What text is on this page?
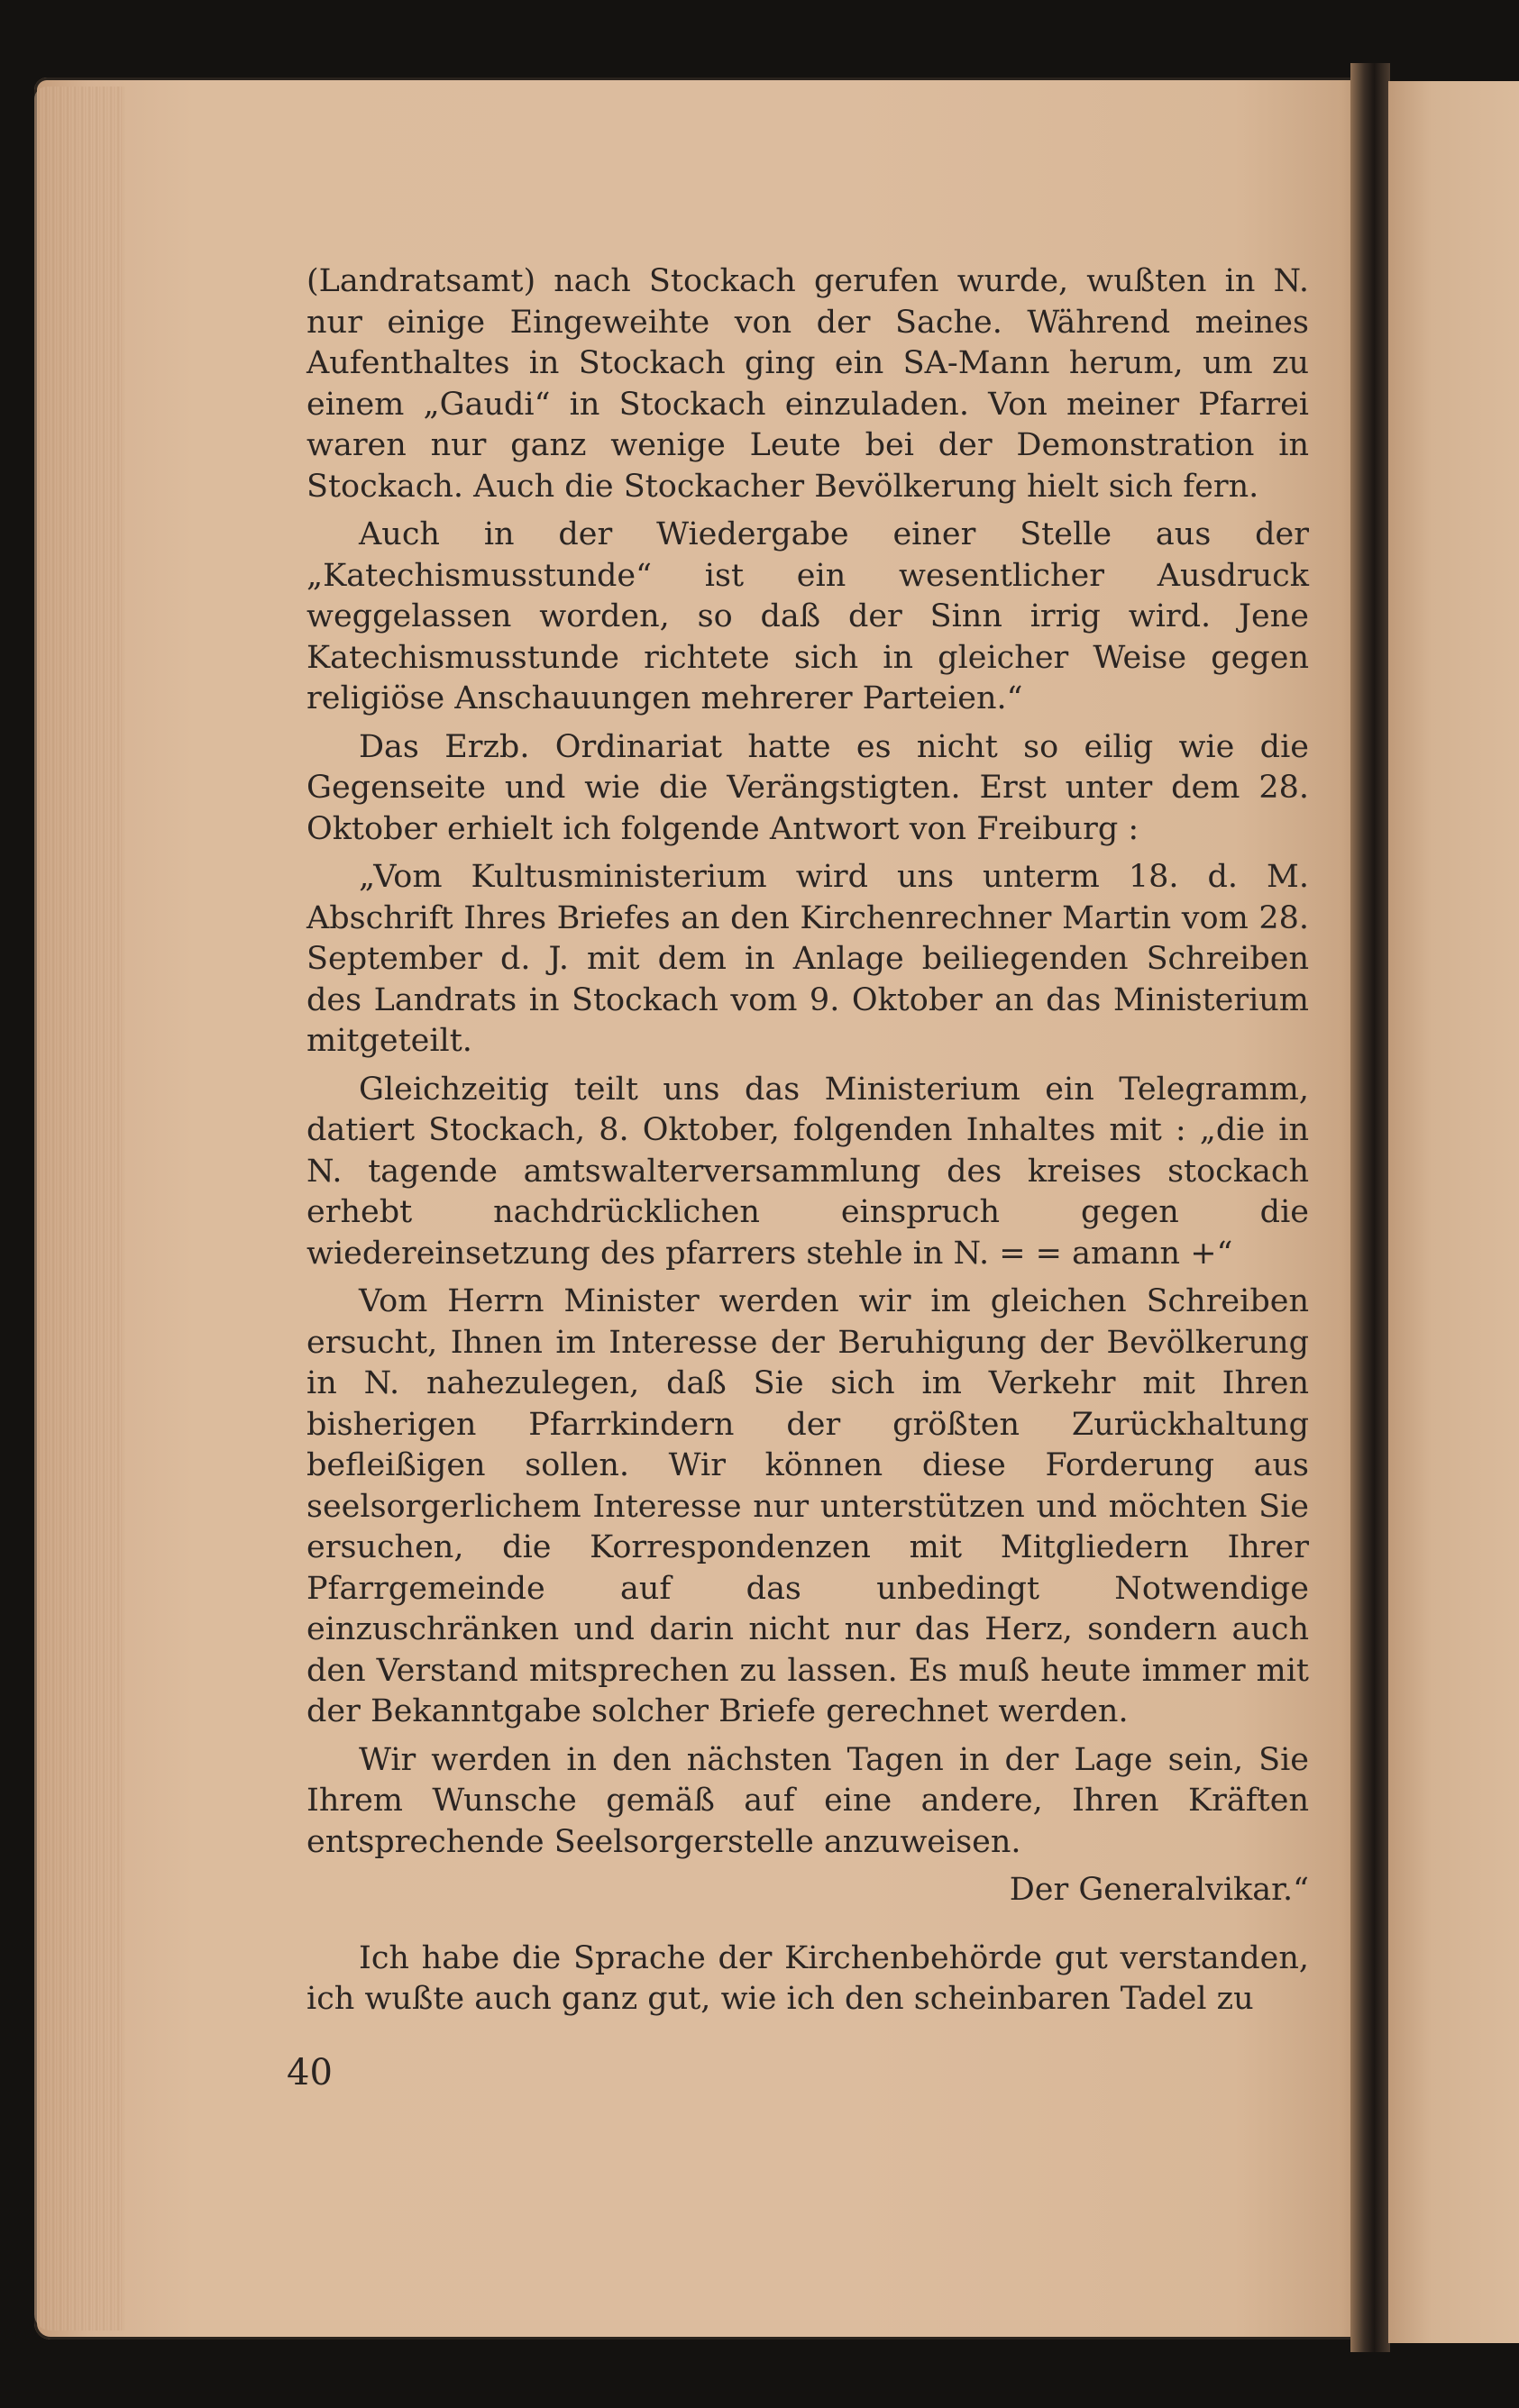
(Landratsamt) nach Stockach gerufen wurde, wußten in N. nur einige Eingeweihte von der Sache. Während meines Aufenthaltes in Stockach ging ein SA-Mann herum, um zu einem „Gaudi“ in Stockach einzuladen. Von meiner Pfarrei waren nur ganz wenige Leute bei der Demonstration in Stockach. Auch die Stockacher Bevölkerung hielt sich fern.

Auch in der Wiedergabe einer Stelle aus der „Katechismusstunde“ ist ein wesentlicher Ausdruck weggelassen worden, so daß der Sinn irrig wird. Jene Katechismusstunde richtete sich in gleicher Weise gegen religiöse Anschauungen mehrerer Parteien.“

Das Erzb. Ordinariat hatte es nicht so eilig wie die Gegenseite und wie die Verängstigten. Erst unter dem 28. Oktober erhielt ich folgende Antwort von Freiburg :

„Vom Kultusministerium wird uns unterm 18. d. M. Abschrift Ihres Briefes an den Kirchenrechner Martin vom 28. September d. J. mit dem in Anlage beiliegenden Schreiben des Landrats in Stockach vom 9. Oktober an das Ministerium mitgeteilt.

Gleichzeitig teilt uns das Ministerium ein Telegramm, datiert Stockach, 8. Oktober, folgenden Inhaltes mit : „die in N. tagende amtswalterversammlung des kreises stockach erhebt nachdrücklichen einspruch gegen die wiedereinsetzung des pfarrers stehle in N. = = amann +“

Vom Herrn Minister werden wir im gleichen Schreiben ersucht, Ihnen im Interesse der Beruhigung der Bevölkerung in N. nahezulegen, daß Sie sich im Verkehr mit Ihren bisherigen Pfarrkindern der größten Zurückhaltung befleißigen sollen. Wir können diese Forderung aus seelsorgerlichem Interesse nur unterstützen und möchten Sie ersuchen, die Korrespondenzen mit Mitgliedern Ihrer Pfarrgemeinde auf das unbedingt Notwendige einzuschränken und darin nicht nur das Herz, sondern auch den Verstand mitsprechen zu lassen. Es muß heute immer mit der Bekanntgabe solcher Briefe gerechnet werden.

Wir werden in den nächsten Tagen in der Lage sein, Sie Ihrem Wunsche gemäß auf eine andere, Ihren Kräften entsprechende Seelsorgerstelle anzuweisen.

Der Generalvikar.“

Ich habe die Sprache der Kirchenbehörde gut verstanden, ich wußte auch ganz gut, wie ich den scheinbaren Tadel zu

40
